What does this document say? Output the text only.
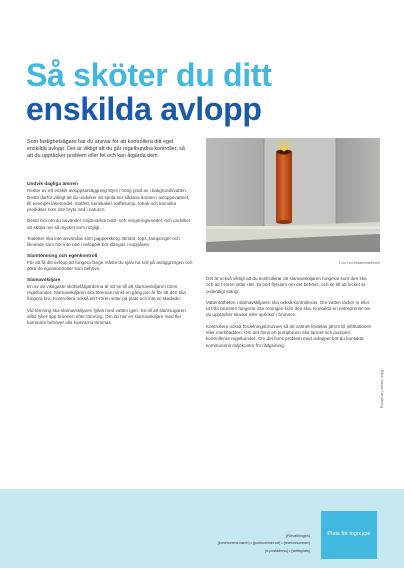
Så sköter du ditt
enskilda avlopp
Som fastighetsägare har du ansvar för att kontrollera ditt eget enskilda avlopp. Det är viktigt att du går regelbundna kontroller, så att du upptäcker problem eller fel och kan åtgärda dem.
T-rör i en trekammarbrunn
Undvik dagliga ämnen

Rester av ett enskilt avloppsanläggning styrs i höög grad av i bakgrundsvatten. Desto darfor viktigt att du undviker att spola ner sådana ämnen i avloppsvattnet, till exempel läkemedel, matfett, kemikalier, kaffesump, tobak och kemiska produkter som inte bryts ned i naturen.

Desto bra om du använder miljömärkta tvätt- och rengöringsmedel, och undviker att skölja ner så mycket som möjligt.

Toaletter ska inte användas som papperskorg. Bindor, tops, tamponger och liknande som hör inte ned i avloppet bör slängas i soppåsen.

Slamtömning och egenkontroll

För att få ditt avlopp att fungera länge måste du själv ha koll på anläggningen och göra de egenkontroller som behövs.

Slamavskiljare

En av de viktigaste skötselåtgärderna är att se till att slamavskiljaren töms regelbundet. Slamavskiljaren ska tömmas minst en gång per år för att den ska fungera bra. Kontrollera också att t-rören sitter på plats och inte är skadade.

Vid tömning ska slamavskiljaren fyllas med vatten igen. Se till att slamsugaren alltid fyller upp brunnen efter tömning. Om du har en slamavskiljare med fler kammare behöver alla kamrarna tömmas.

Det är också viktigt att du kontrollerar att slamavskiljaren fungerar som den ska och att t-rören sitter rätt. Ta bort flytslam om det behövs, och se till att locket är ordentligt stängt.

Vattentätheten i slamavskiljaren ska också kontrolleras. Om vatten läcker in eller ut från brunnen fungerar inte reningen som den ska. Kontakta en entreprenör om du upptäcker skador eller sprickor i brunnen.

Kontrollera också fördelningsbrunnen så att vattnet fördelas jämnt till infiltrationen eller markbädden. Om det finns en pumpbrunn ska larmet och pumpen kontrolleras regelbundet. Om det finns problem med avloppet bör du kontakta kommunens miljökontor för rådgivning.

Bild: Johan Landberg
(Förvaltningen)
(kommunens namn) • (postnummer ort) • (telefonnummer)
(e-postadress) • (webbplats)
Plats för logotype
